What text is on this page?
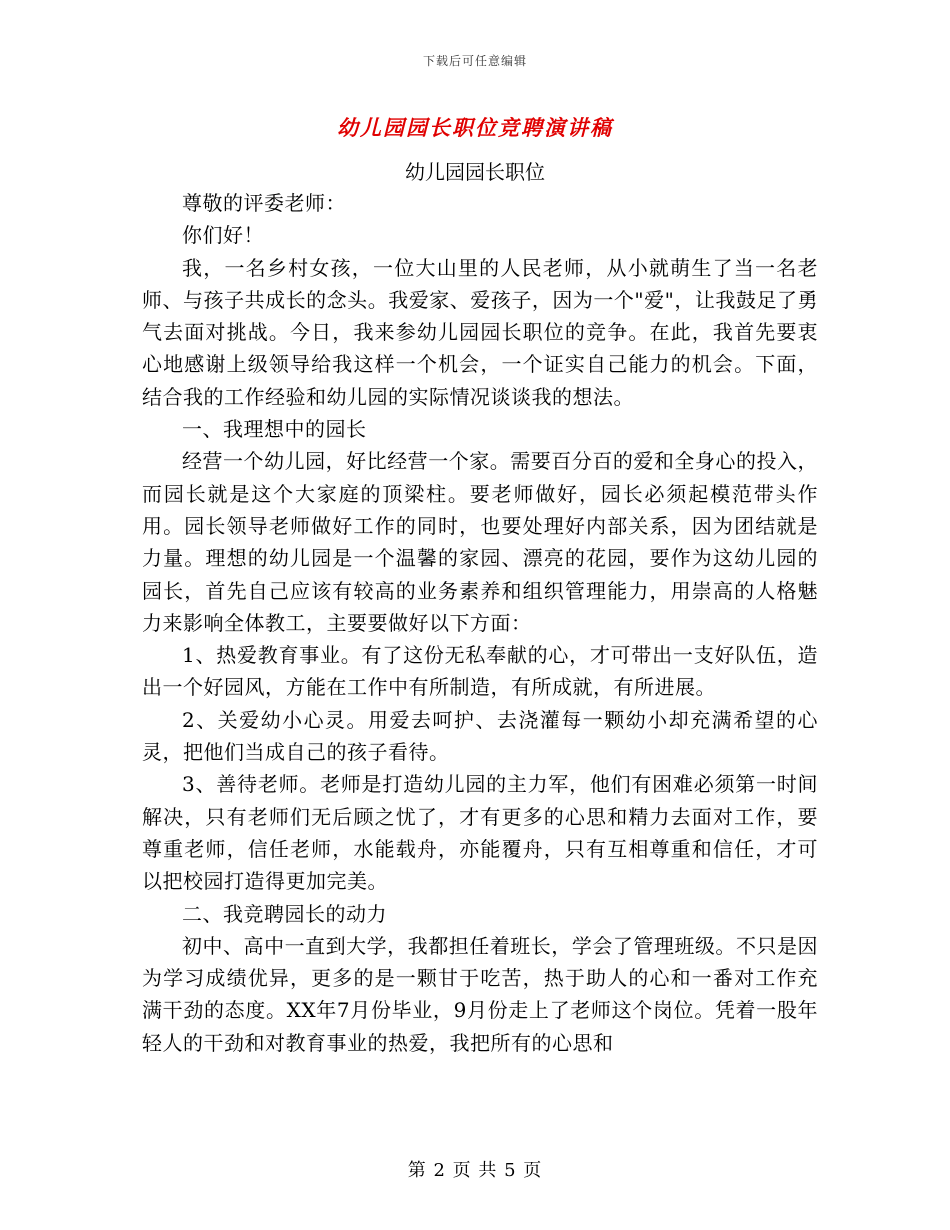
下载后可任意编辑
幼儿园园长职位竞聘演讲稿
幼儿园园长职位

尊敬的评委老师：

你们好！

我，一名乡村女孩，一位大山里的人民老师，从小就萌生了当一名老师、与孩子共成长的念头。我爱家、爱孩子，因为一个"爱"，让我鼓足了勇气去面对挑战。今日，我来参幼儿园园长职位的竞争。在此，我首先要衷心地感谢上级领导给我这样一个机会，一个证实自己能力的机会。下面，结合我的工作经验和幼儿园的实际情况谈谈我的想法。

一、我理想中的园长

经营一个幼儿园，好比经营一个家。需要百分百的爱和全身心的投入，而园长就是这个大家庭的顶梁柱。要老师做好，园长必须起模范带头作用。园长领导老师做好工作的同时，也要处理好内部关系，因为团结就是力量。理想的幼儿园是一个温馨的家园、漂亮的花园，要作为这幼儿园的园长，首先自己应该有较高的业务素养和组织管理能力，用崇高的人格魅力来影响全体教工，主要要做好以下方面：

1、热爱教育事业。有了这份无私奉献的心，才可带出一支好队伍，造出一个好园风，方能在工作中有所制造，有所成就，有所进展。

2、关爱幼小心灵。用爱去呵护、去浇灌每一颗幼小却充满希望的心灵，把他们当成自己的孩子看待。

3、善待老师。老师是打造幼儿园的主力军，他们有困难必须第一时间解决，只有老师们无后顾之忧了，才有更多的心思和精力去面对工作，要尊重老师，信任老师，水能载舟，亦能覆舟，只有互相尊重和信任，才可以把校园打造得更加完美。

二、我竞聘园长的动力

初中、高中一直到大学，我都担任着班长，学会了管理班级。不只是因为学习成绩优异，更多的是一颗甘于吃苦，热于助人的心和一番对工作充满干劲的态度。XX年7月份毕业，9月份走上了老师这个岗位。凭着一股年轻人的干劲和对教育事业的热爱，我把所有的心思和

第 2 页 共 5 页
